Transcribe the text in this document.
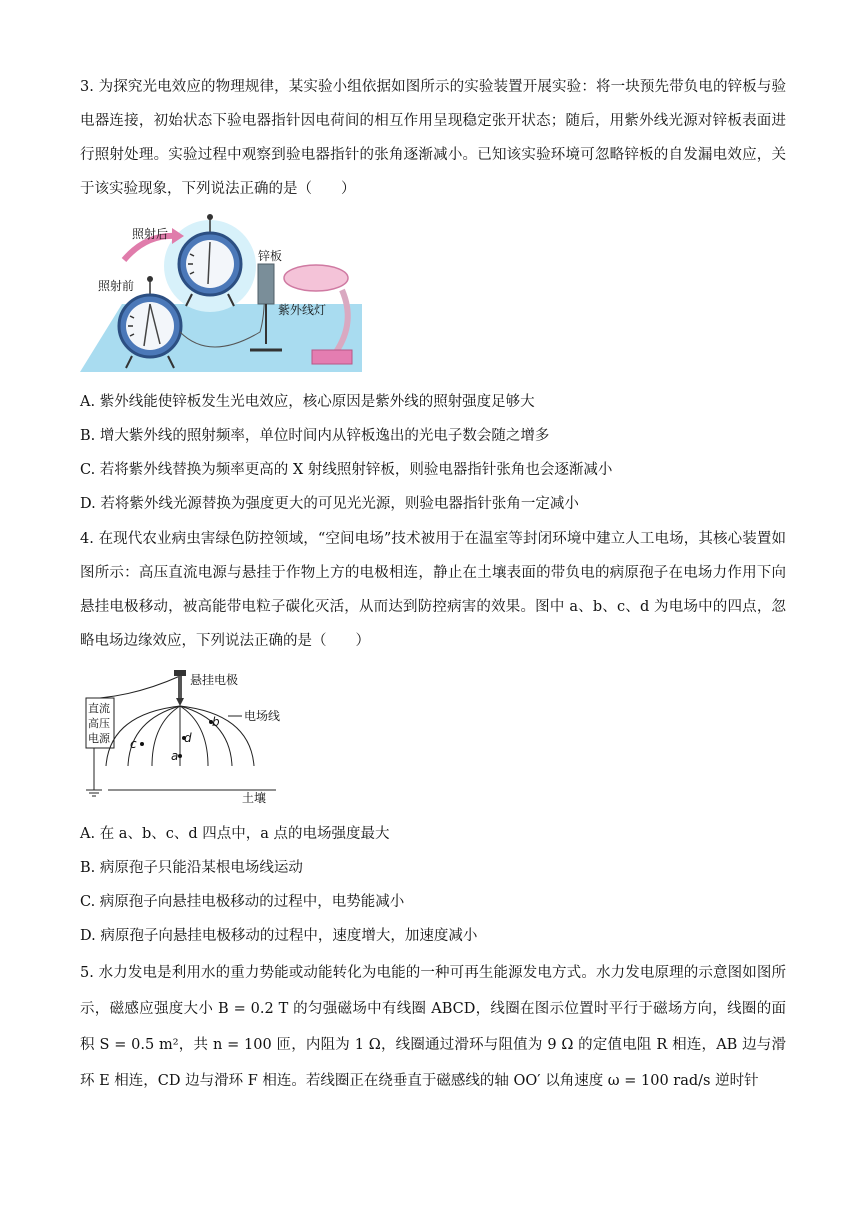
3. 为探究光电效应的物理规律，某实验小组依据如图所示的实验装置开展实验：将一块预先带负电的锌板与验电器连接，初始状态下验电器指针因电荷间的相互作用呈现稳定张开状态；随后，用紫外线光源对锌板表面进行照射处理。实验过程中观察到验电器指针的张角逐渐减小。已知该实验环境可忽略锌板的自发漏电效应，关于该实验现象，下列说法正确的是（　　）

照射后
照射前
锌板
紫外线灯

A. 紫外线能使锌板发生光电效应，核心原因是紫外线的照射强度足够大

B. 增大紫外线的照射频率，单位时间内从锌板逸出的光电子数会随之增多

C. 若将紫外线替换为频率更高的 X 射线照射锌板，则验电器指针张角也会逐渐减小

D. 若将紫外线光源替换为强度更大的可见光光源，则验电器指针张角一定减小

4. 在现代农业病虫害绿色防控领域，“空间电场”技术被用于在温室等封闭环境中建立人工电场，其核心装置如图所示：高压直流电源与悬挂于作物上方的电极相连，静止在土壤表面的带负电的病原孢子在电场力作用下向悬挂电极移动，被高能带电粒子碳化灭活，从而达到防控病害的效果。图中 a、b、c、d 为电场中的四点，忽略电场边缘效应，下列说法正确的是（　　）

直流
高压
电源 c
a
d
b
悬挂电极
电场线
土壤

A. 在 a、b、c、d 四点中，a 点的电场强度最大

B. 病原孢子只能沿某根电场线运动

C. 病原孢子向悬挂电极移动的过程中，电势能减小

D. 病原孢子向悬挂电极移动的过程中，速度增大，加速度减小

5. 水力发电是利用水的重力势能或动能转化为电能的一种可再生能源发电方式。水力发电原理的示意图如图所示，磁感应强度大小 B = 0.2 T 的匀强磁场中有线圈 ABCD，线圈在图示位置时平行于磁场方向，线圈的面积 S = 0.5 m²，共 n = 100 匝，内阻为 1 Ω，线圈通过滑环与阻值为 9 Ω 的定值电阻 R 相连，AB 边与滑环 E 相连，CD 边与滑环 F 相连。若线圈正在绕垂直于磁感线的轴 OO′ 以角速度 ω = 100 rad/s 逆时针
